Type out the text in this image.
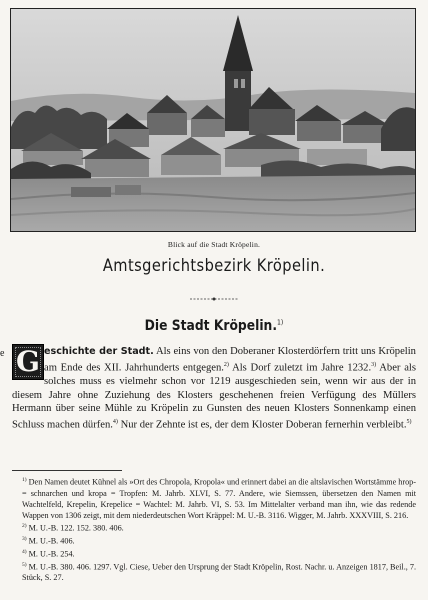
Blick auf die Stadt Kröpelin.
Amtsgerichtsbezirk Kröpelin.
Die Stadt Kröpelin.$^{1)}$
e G eschichte der Stadt. Als eins von den Doberaner Klosterdörfern tritt uns Kröpelin am Ende des XII. Jahrhunderts entgegen.$^{2)}$ Als Dorf zuletzt im Jahre 1232.$^{3)}$ Aber als solches muss es vielmehr schon vor 1219 ausgeschieden sein, wenn wir aus der in diesem Jahre ohne Zuziehung des Klosters geschehenen freien Verfügung des Müllers Hermann über seine Mühle zu Kröpelin zu Gunsten des neuen Klosters Sonnenkamp einen Schluss machen dürfen.$^{4)}$ Nur der Zehnte ist es, der dem Kloster Doberan fernerhin verbleibt.$^{5)}$
$^{1)}$ Den Namen deutet Kühnel als »Ort des Chropola, Kropola« und erinnert dabei an die altslavischen Wortstämme hrop- = schnarchen und kropa = Tropfen: M. Jahrb. XLVI, S. 77. Andere, wie Siemssen, übersetzen den Namen mit Wachtelfeld, Krepelin, Krepelice = Wachtel: M. Jahrb. VI, S. 53. Im Mittelalter verband man ihn, wie das redende Wappen von 1306 zeigt, mit dem niederdeutschen Wort Kräppel: M. U.-B. 3116. Wigger, M. Jahrb. XXXVIII, S. 216.
$^{2)}$ M. U.-B. 122. 152. 380. 406.
$^{3)}$ M. U.-B. 406.
$^{4)}$ M. U.-B. 254.
$^{5)}$ M. U.-B. 380. 406. 1297. Vgl. Ciese, Ueber den Ursprung der Stadt Kröpelin, Rost. Nachr. u. Anzeigen 1817, Beil., 7. Stück, S. 27.
